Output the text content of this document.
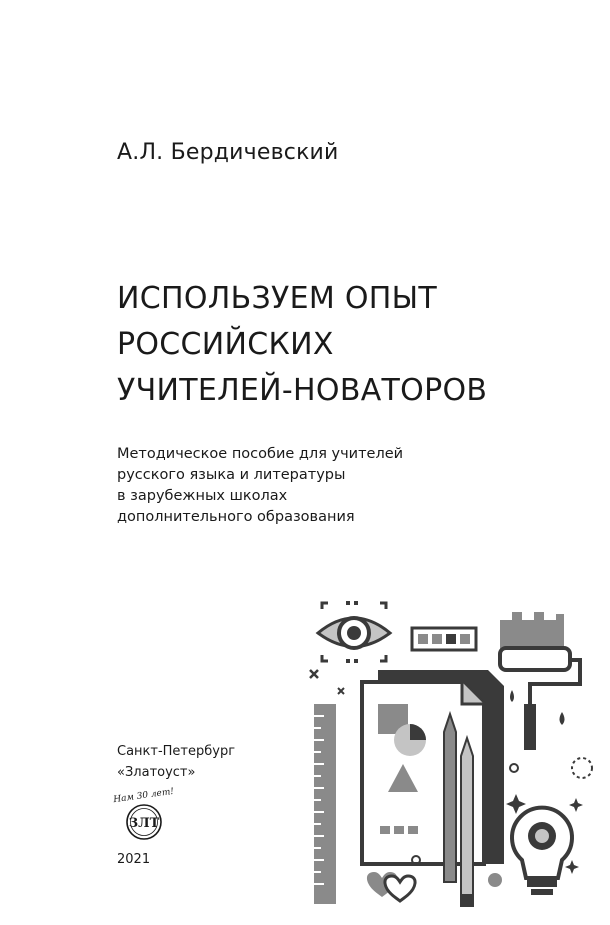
А.Л. Бердичевский
ИСПОЛЬЗУЕМ ОПЫТ
РОССИЙСКИХ
УЧИТЕЛЕЙ-НОВАТОРОВ
Методическое пособие для учителей
русского языка и литературы
в зарубежных школах
дополнительного образования
Санкт-Петербург
«Златоуст»
Нам 30 лет!
ЗЛТ
2021
